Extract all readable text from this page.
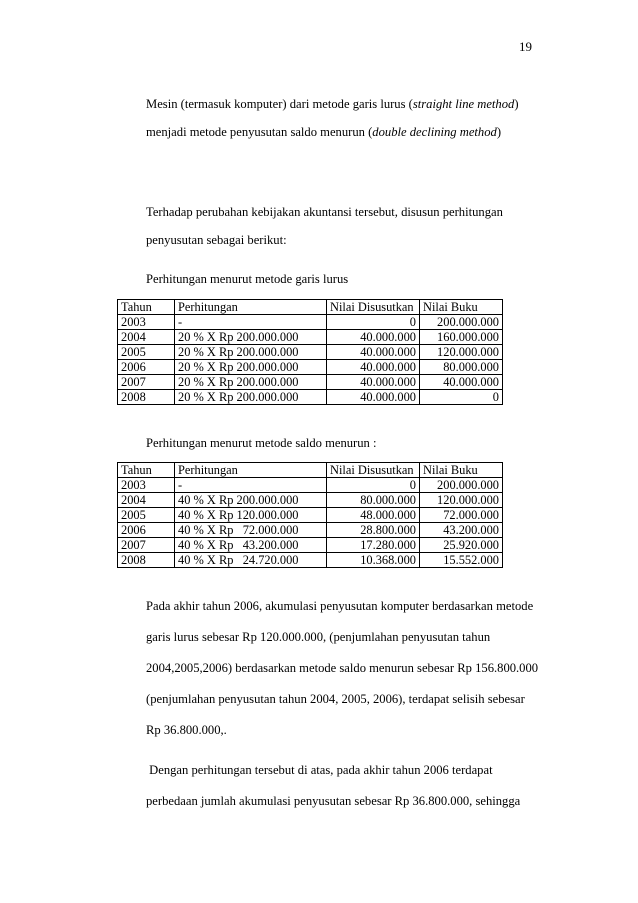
19
Mesin (termasuk komputer) dari metode garis lurus (straight line method)
menjadi metode penyusutan saldo menurun (double declining method)
Terhadap perubahan kebijakan akuntansi tersebut, disusun perhitungan
penyusutan sebagai berikut:
Perhitungan menurut metode garis lurus
Tahun	Perhitungan	Nilai Disusutkan	Nilai Buku
2003	-	0	200.000.000
2004	20 % X Rp 200.000.000	40.000.000	160.000.000
2005	20 % X Rp 200.000.000	40.000.000	120.000.000
2006	20 % X Rp 200.000.000	40.000.000	80.000.000
2007	20 % X Rp 200.000.000	40.000.000	40.000.000
2008	20 % X Rp 200.000.000	40.000.000	0
Perhitungan menurut metode saldo menurun :
Tahun	Perhitungan	Nilai Disusutkan	Nilai Buku
2003	-	0	200.000.000
2004	40 % X Rp 200.000.000	80.000.000	120.000.000
2005	40 % X Rp 120.000.000	48.000.000	72.000.000
2006	40 % X Rp   72.000.000	28.800.000	43.200.000
2007	40 % X Rp   43.200.000	17.280.000	25.920.000
2008	40 % X Rp   24.720.000	10.368.000	15.552.000
Pada akhir tahun 2006, akumulasi penyusutan komputer berdasarkan metode
garis lurus sebesar Rp 120.000.000, (penjumlahan penyusutan tahun
2004,2005,2006) berdasarkan metode saldo menurun sebesar Rp 156.800.000
(penjumlahan penyusutan tahun 2004, 2005, 2006), terdapat selisih sebesar
Rp 36.800.000,.
Dengan perhitungan tersebut di atas, pada akhir tahun 2006 terdapat
perbedaan jumlah akumulasi penyusutan sebesar Rp 36.800.000, sehingga
